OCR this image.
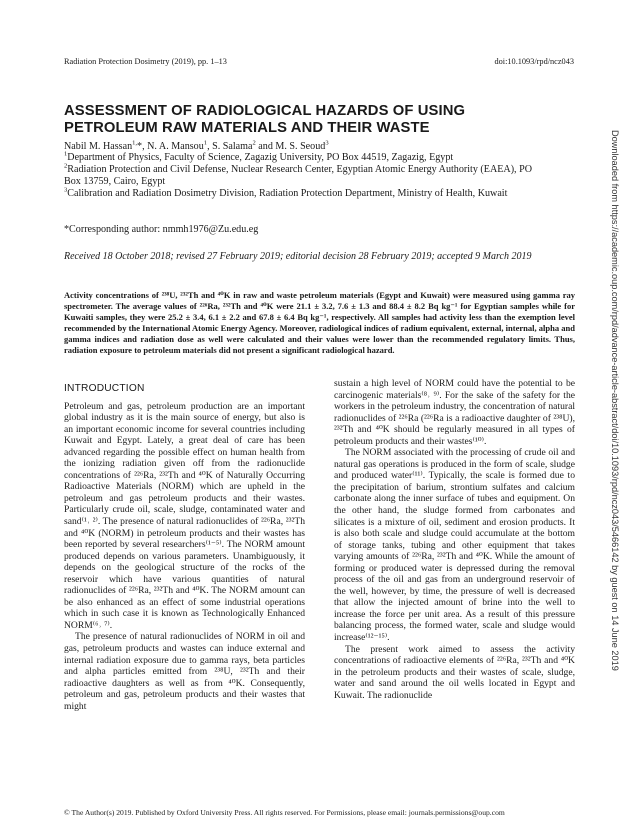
Radiation Protection Dosimetry (2019), pp. 1–13	doi:10.1093/rpd/ncz043
ASSESSMENT OF RADIOLOGICAL HAZARDS OF USING
PETROLEUM RAW MATERIALS AND THEIR WASTE
Nabil M. Hassan$^{1,}$*, N. A. Mansou$^1$, S. Salama$^2$ and M. S. Seoud$^3$
$^1$Department of Physics, Faculty of Science, Zagazig University, PO Box 44519, Zagazig, Egypt
$^2$Radiation Protection and Civil Defense, Nuclear Research Center, Egyptian Atomic Energy Authority (EAEA), PO Box 13759, Cairo, Egypt
$^3$Calibration and Radiation Dosimetry Division, Radiation Protection Department, Ministry of Health, Kuwait
*Corresponding author: nmmh1976@Zu.edu.eg
Received 18 October 2018; revised 27 February 2019; editorial decision 28 February 2019; accepted 9 March 2019
Activity concentrations of ²³⁸U, ²³²Th and ⁴⁰K in raw and waste petroleum materials (Egypt and Kuwait) were measured using gamma ray spectrometer. The average values of ²²⁶Ra, ²³²Th and ⁴⁰K were 21.1 ± 3.2, 7.6 ± 1.3 and 88.4 ± 8.2 Bq kg⁻¹ for Egyptian samples while for Kuwaiti samples, they were 25.2 ± 3.4, 6.1 ± 2.2 and 67.8 ± 6.4 Bq kg⁻¹, respectively. All samples had activity less than the exemption level recommended by the International Atomic Energy Agency. Moreover, radiological indices of radium equivalent, external, internal, alpha and gamma indices and radiation dose as well were calculated and their values were lower than the recommended regulatory limits. Thus, radiation exposure to petroleum materials did not present a significant radiological hazard.
INTRODUCTION

Petroleum and gas, petroleum production are an important global industry as it is the main source of energy, but also is an important economic income for several countries including Kuwait and Egypt. Lately, a great deal of care has been advanced regarding the possible effect on human health from the ionizing radiation given off from the radionuclide concentrations of ²²⁶Ra, ²³²Th and ⁴⁰K of Naturally Occurring Radioactive Materials (NORM) which are upheld in the petroleum and gas petroleum products and their wastes. Particularly crude oil, scale, sludge, contaminated water and sand⁽¹˒ ²⁾. The presence of natural radionuclides of ²²⁶Ra, ²³²Th and ⁴⁰K (NORM) in petroleum products and their wastes has been reported by several researchers⁽¹⁻⁵⁾. The NORM amount produced depends on various parameters. Unambiguously, it depends on the geological structure of the rocks of the reservoir which have various quantities of natural radionuclides of ²²⁶Ra, ²³²Th and ⁴⁰K. The NORM amount can be also enhanced as an effect of some industrial operations which in such case it is known as Technologically Enhanced NORM⁽⁶˒ ⁷⁾.

The presence of natural radionuclides of NORM in oil and gas, petroleum products and wastes can induce external and internal radiation exposure due to gamma rays, beta particles and alpha particles emitted from ²³⁸U, ²³²Th and their radioactive daughters as well as from ⁴⁰K. Consequently, petroleum and gas, petroleum products and their wastes that might

sustain a high level of NORM could have the potential to be carcinogenic materials⁽⁸˒ ⁹⁾. For the sake of the safety for the workers in the petroleum industry, the concentration of natural radionuclides of ²²⁶Ra (²²⁶Ra is a radioactive daughter of ²³⁸U), ²³²Th and ⁴⁰K should be regularly measured in all types of petroleum products and their wastes⁽¹⁰⁾.

The NORM associated with the processing of crude oil and natural gas operations is produced in the form of scale, sludge and produced water⁽¹¹⁾. Typically, the scale is formed due to the precipitation of barium, strontium sulfates and calcium carbonate along the inner surface of tubes and equipment. On the other hand, the sludge formed from carbonates and silicates is a mixture of oil, sediment and erosion products. It is also both scale and sludge could accumulate at the bottom of storage tanks, tubing and other equipment that takes varying amounts of ²²⁶Ra, ²³²Th and ⁴⁰K. While the amount of forming or produced water is depressed during the removal process of the oil and gas from an underground reservoir of the well, however, by time, the pressure of well is decreased that allow the injected amount of brine into the well to increase the force per unit area. As a result of this pressure balancing process, the formed water, scale and sludge would increase⁽¹²⁻¹⁵⁾.

The present work aimed to assess the activity concentrations of radioactive elements of ²²⁶Ra, ²³²Th and ⁴⁰K in the petroleum products and their wastes of scale, sludge, water and sand around the oil wells located in Egypt and Kuwait. The radionuclide

© The Author(s) 2019. Published by Oxford University Press. All rights reserved. For Permissions, please email: journals.permissions@oup.com
Downloaded from https://academic.oup.com/rpd/advance-article-abstract/doi/10.1093/rpd/ncz043/5466142 by guest on 14 June 2019
